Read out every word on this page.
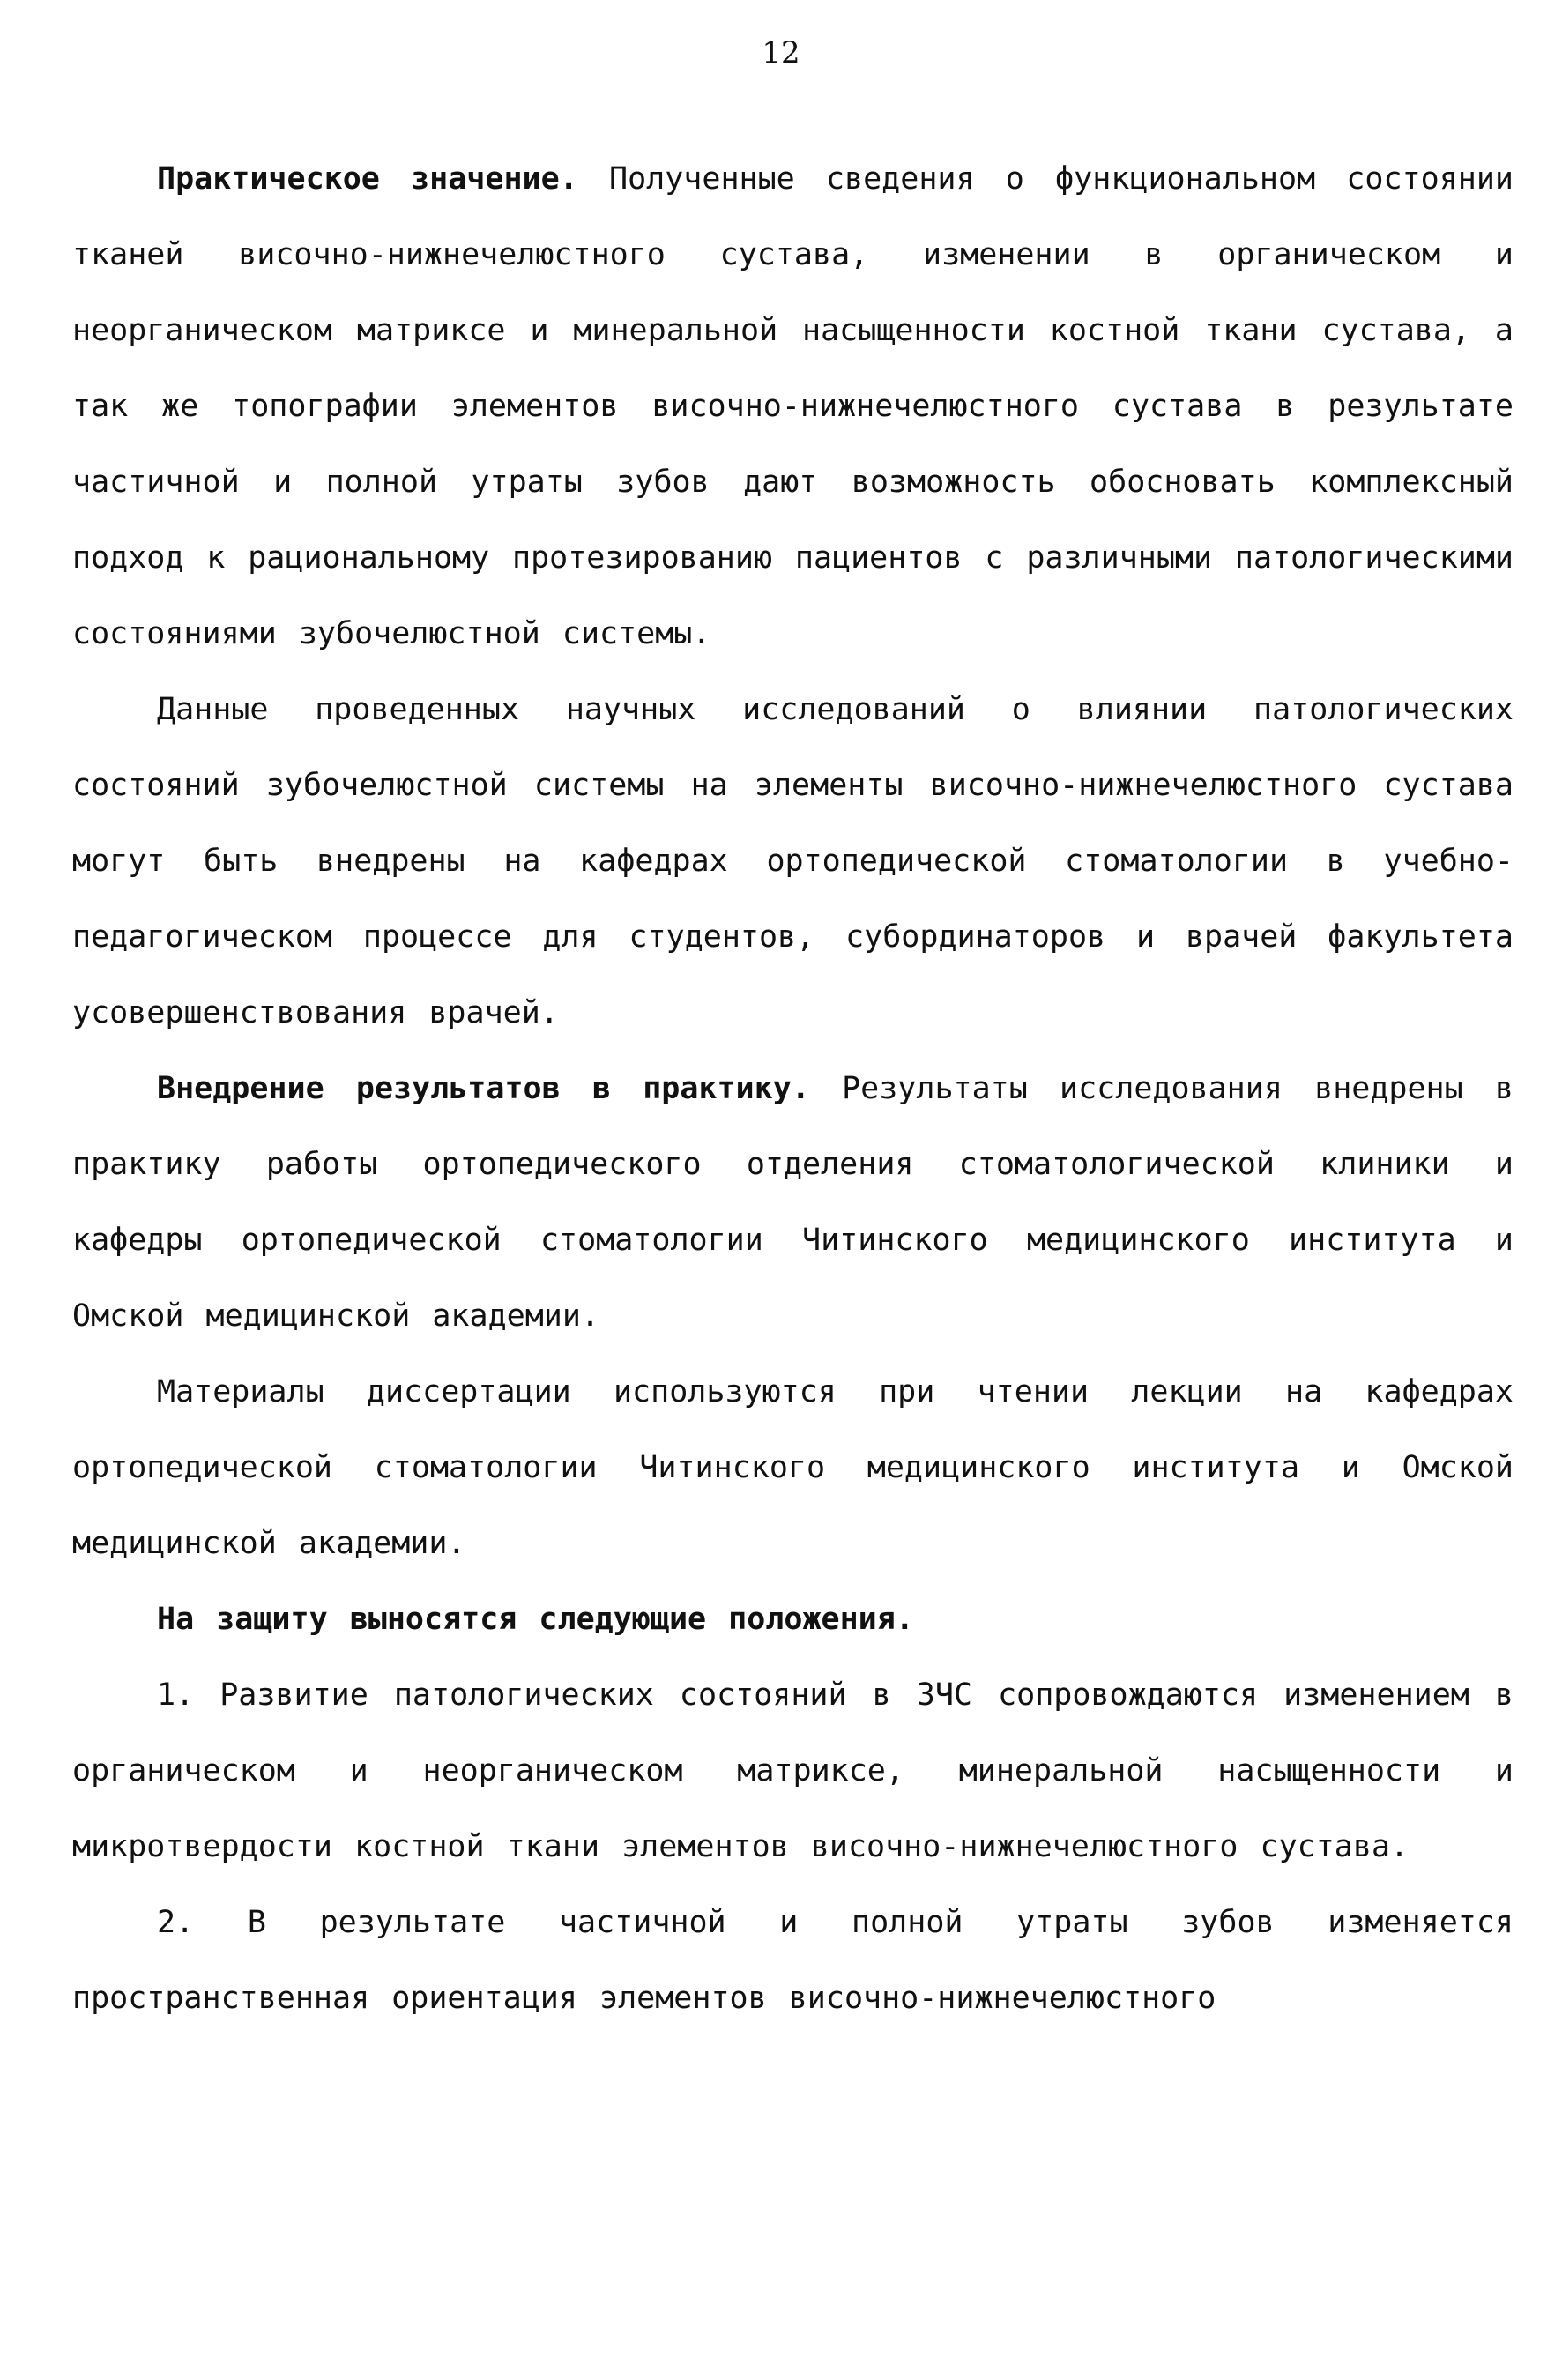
12

Практическое значение. Полученные сведения о функциональном состоянии тканей височно-нижнечелюстного сустава, изменении в органическом и неорганическом матриксе и минеральной насыщенности костной ткани сустава, а так же топографии элементов височно-нижнечелюстного сустава в результате частичной и полной утраты зубов дают возможность обосновать комплексный подход к рациональному протезированию пациентов с различными патологическими состояниями зубочелюстной системы.

Данные проведенных научных исследований о влиянии патологических состояний зубочелюстной системы на элементы височно-нижнечелюстного сустава могут быть внедрены на кафедрах ортопедической стоматологии в учебно-педагогическом процессе для студентов, субординаторов и врачей факультета усовершенствования врачей.

Внедрение результатов в практику. Результаты исследования внедрены в практику работы ортопедического отделения стоматологической клиники и кафедры ортопедической стоматологии Читинского медицинского института и Омской медицинской академии.

Материалы диссертации используются при чтении лекции на кафедрах ортопедической стоматологии Читинского медицинского института и Омской медицинской академии.

На защиту выносятся следующие положения.

1. Развитие патологических состояний в ЗЧС сопровождаются изменением в органическом и неорганическом матриксе, минеральной насыщенности и микротвердости костной ткани элементов височно-нижнечелюстного сустава.

2. В результате частичной и полной утраты зубов изменяется пространственная ориентация элементов височно-нижнечелюстного
